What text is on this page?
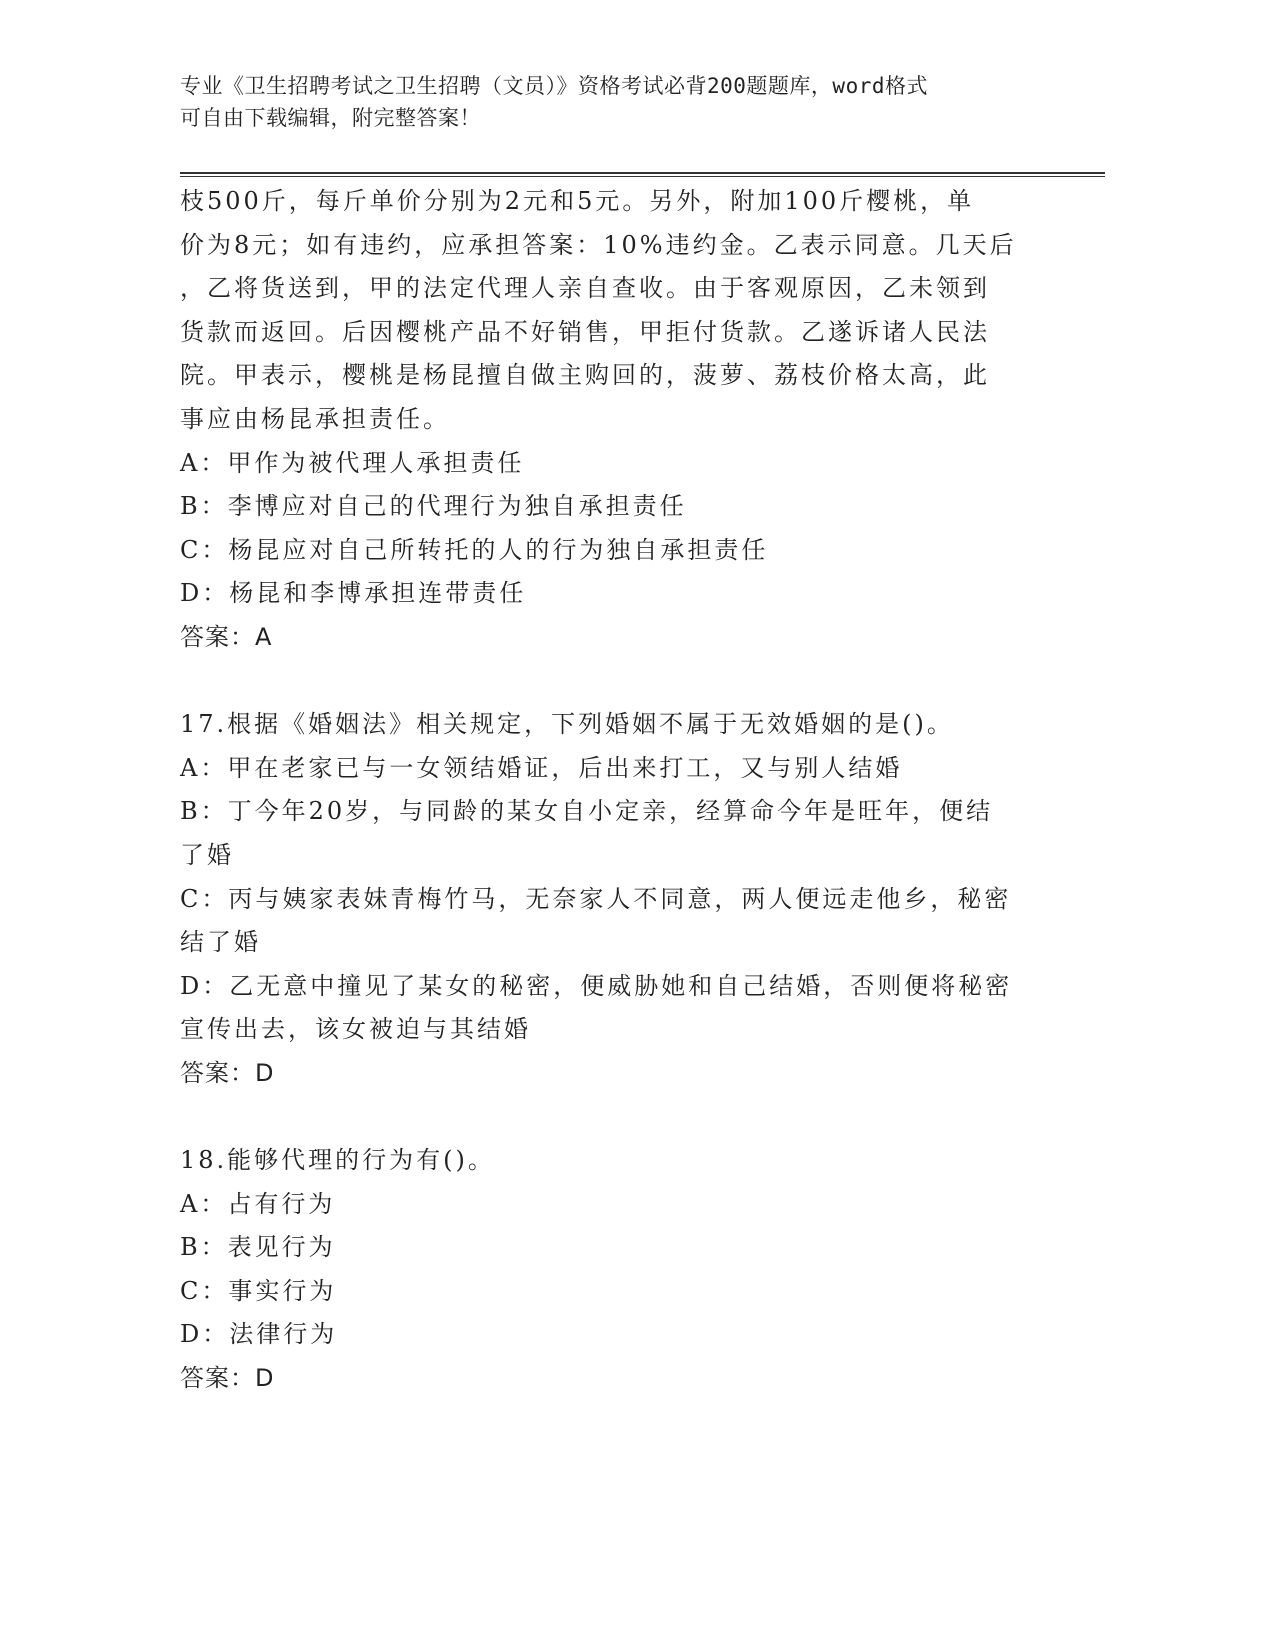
专业《卫生招聘考试之卫生招聘（文员）》资格考试必背200题题库，word格式
可自由下载编辑，附完整答案！
枝500斤，每斤单价分别为2元和5元。另外，附加100斤樱桃，单
价为8元；如有违约，应承担答案：10%违约金。乙表示同意。几天后
，乙将货送到，甲的法定代理人亲自查收。由于客观原因，乙未领到
货款而返回。后因樱桃产品不好销售，甲拒付货款。乙遂诉诸人民法
院。甲表示，樱桃是杨昆擅自做主购回的，菠萝、荔枝价格太高，此
事应由杨昆承担责任。
A：甲作为被代理人承担责任
B：李博应对自己的代理行为独自承担责任
C：杨昆应对自己所转托的人的行为独自承担责任
D：杨昆和李博承担连带责任
答案：A
17.根据《婚姻法》相关规定，下列婚姻不属于无效婚姻的是()。
A：甲在老家已与一女领结婚证，后出来打工，又与别人结婚
B：丁今年20岁，与同龄的某女自小定亲，经算命今年是旺年，便结
了婚
C：丙与姨家表妹青梅竹马，无奈家人不同意，两人便远走他乡，秘密
结了婚
D：乙无意中撞见了某女的秘密，便威胁她和自己结婚，否则便将秘密
宣传出去，该女被迫与其结婚
答案：D
18.能够代理的行为有()。
A：占有行为
B：表见行为
C：事实行为
D：法律行为
答案：D
